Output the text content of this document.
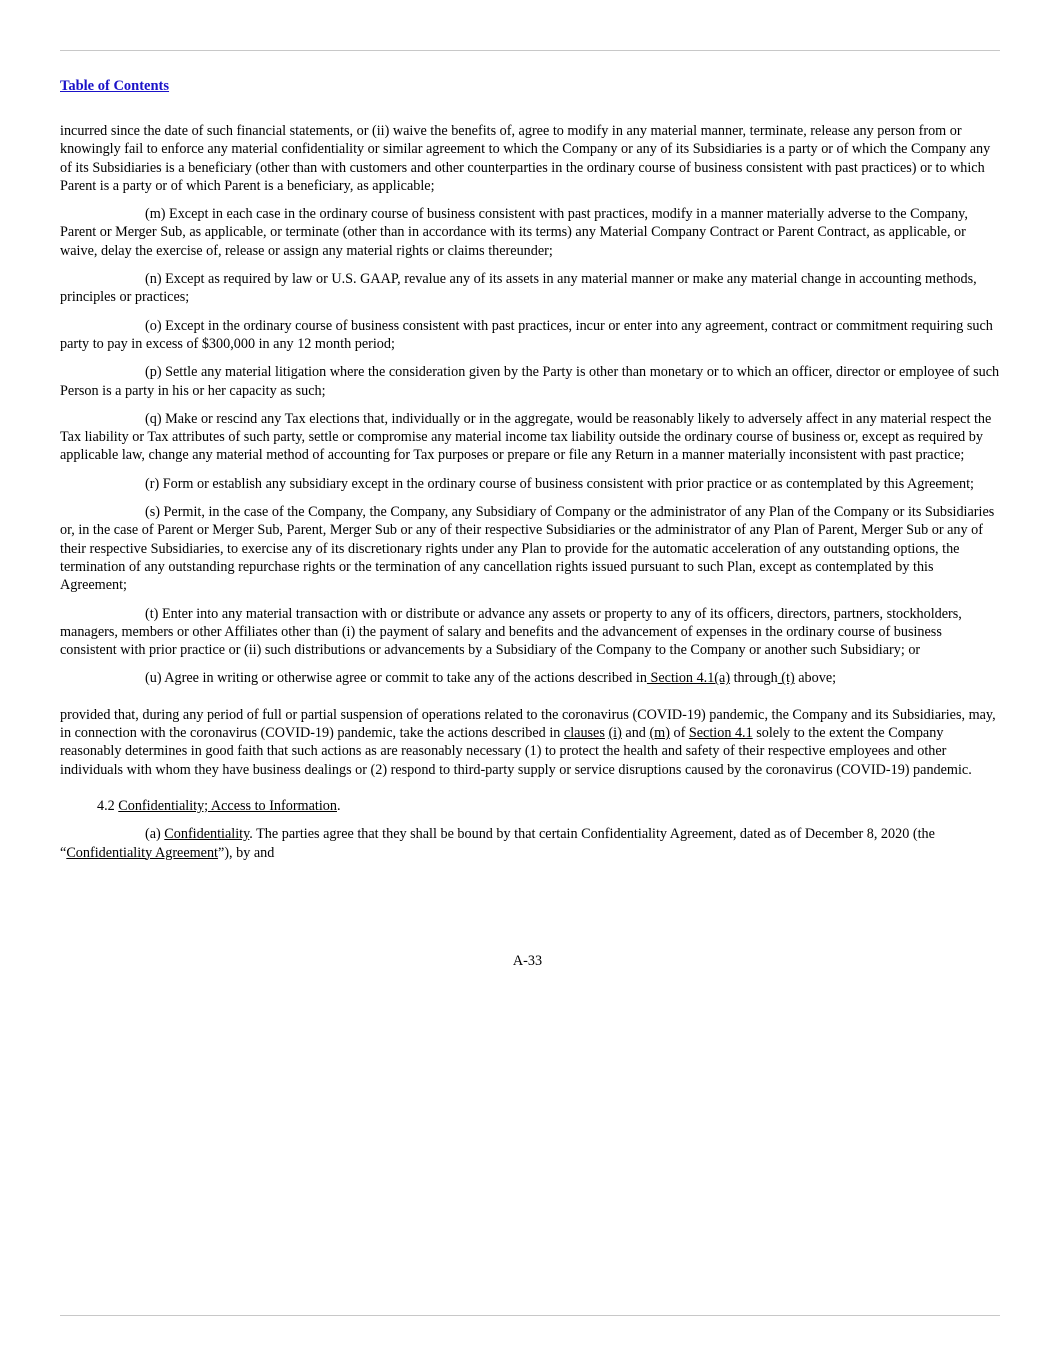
Table of Contents

incurred since the date of such financial statements, or (ii) waive the benefits of, agree to modify in any material manner, terminate, release any person from or knowingly fail to enforce any material confidentiality or similar agreement to which the Company or any of its Subsidiaries is a party or of which the Company any of its Subsidiaries is a beneficiary (other than with customers and other counterparties in the ordinary course of business consistent with past practices) or to which Parent is a party or of which Parent is a beneficiary, as applicable;

(m) Except in each case in the ordinary course of business consistent with past practices, modify in a manner materially adverse to the Company, Parent or Merger Sub, as applicable, or terminate (other than in accordance with its terms) any Material Company Contract or Parent Contract, as applicable, or waive, delay the exercise of, release or assign any material rights or claims thereunder;

(n) Except as required by law or U.S. GAAP, revalue any of its assets in any material manner or make any material change in accounting methods, principles or practices;

(o) Except in the ordinary course of business consistent with past practices, incur or enter into any agreement, contract or commitment requiring such party to pay in excess of $300,000 in any 12 month period;

(p) Settle any material litigation where the consideration given by the Party is other than monetary or to which an officer, director or employee of such Person is a party in his or her capacity as such;

(q) Make or rescind any Tax elections that, individually or in the aggregate, would be reasonably likely to adversely affect in any material respect the Tax liability or Tax attributes of such party, settle or compromise any material income tax liability outside the ordinary course of business or, except as required by applicable law, change any material method of accounting for Tax purposes or prepare or file any Return in a manner materially inconsistent with past practice;

(r) Form or establish any subsidiary except in the ordinary course of business consistent with prior practice or as contemplated by this Agreement;

(s) Permit, in the case of the Company, the Company, any Subsidiary of Company or the administrator of any Plan of the Company or its Subsidiaries or, in the case of Parent or Merger Sub, Parent, Merger Sub or any of their respective Subsidiaries or the administrator of any Plan of Parent, Merger Sub or any of their respective Subsidiaries, to exercise any of its discretionary rights under any Plan to provide for the automatic acceleration of any outstanding options, the termination of any outstanding repurchase rights or the termination of any cancellation rights issued pursuant to such Plan, except as contemplated by this Agreement;

(t) Enter into any material transaction with or distribute or advance any assets or property to any of its officers, directors, partners, stockholders, managers, members or other Affiliates other than (i) the payment of salary and benefits and the advancement of expenses in the ordinary course of business consistent with prior practice or (ii) such distributions or advancements by a Subsidiary of the Company to the Company or another such Subsidiary; or

(u) Agree in writing or otherwise agree or commit to take any of the actions described in Section 4.1(a) through (t) above;

provided that, during any period of full or partial suspension of operations related to the coronavirus (COVID-19) pandemic, the Company and its Subsidiaries, may, in connection with the coronavirus (COVID-19) pandemic, take the actions described in clauses (i) and (m) of Section 4.1 solely to the extent the Company reasonably determines in good faith that such actions as are reasonably necessary (1) to protect the health and safety of their respective employees and other individuals with whom they have business dealings or (2) respond to third-party supply or service disruptions caused by the coronavirus (COVID-19) pandemic.

4.2 Confidentiality; Access to Information.

(a) Confidentiality. The parties agree that they shall be bound by that certain Confidentiality Agreement, dated as of December 8, 2020 (the “Confidentiality Agreement”), by and

A-33
